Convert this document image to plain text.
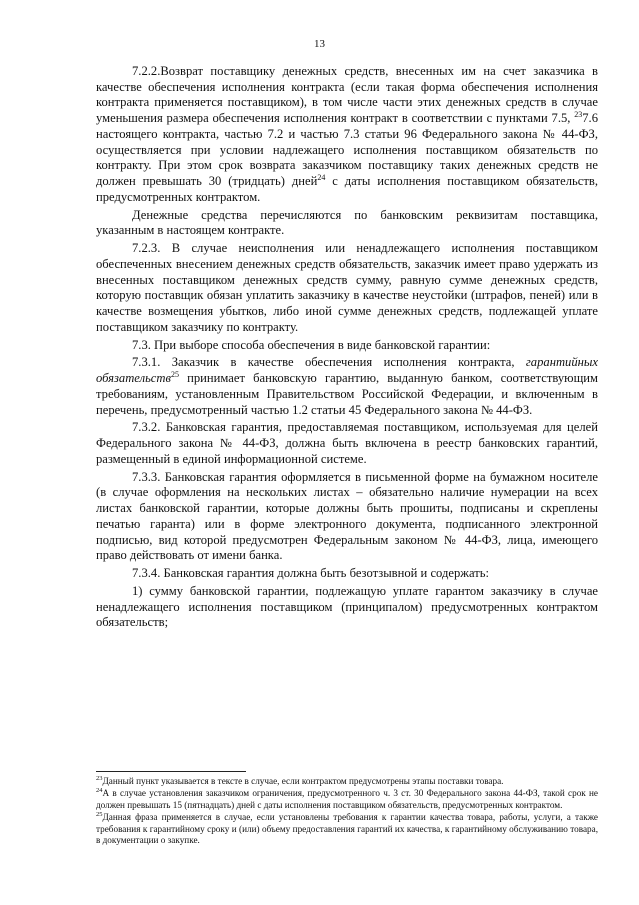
13

7.2.2.Возврат поставщику денежных средств, внесенных им на счет заказчика в качестве обеспечения исполнения контракта (если такая форма обеспечения исполнения контракта применяется поставщиком), в том числе части этих денежных средств в случае уменьшения размера обеспечения исполнения контракт в соответствии с пунктами 7.5, $^{23}$7.6 настоящего контракта, частью 7.2 и частью 7.3 статьи 96 Федерального закона № 44-ФЗ, осуществляется при условии надлежащего исполнения поставщиком обязательств по контракту. При этом срок возврата заказчиком поставщику таких денежных средств не должен превышать 30 (тридцать) дней$^{24}$ с даты исполнения поставщиком обязательств, предусмотренных контрактом.

Денежные средства перечисляются по банковским реквизитам поставщика, указанным в настоящем контракте.

7.2.3. В случае неисполнения или ненадлежащего исполнения поставщиком обеспеченных внесением денежных средств обязательств, заказчик имеет право удержать из внесенных поставщиком денежных средств сумму, равную сумме денежных средств, которую поставщик обязан уплатить заказчику в качестве неустойки (штрафов, пеней) или в качестве возмещения убытков, либо иной сумме денежных средств, подлежащей уплате поставщиком заказчику по контракту.

7.3. При выборе способа обеспечения в виде банковской гарантии:

7.3.1. Заказчик в качестве обеспечения исполнения контракта, гарантийных обязательств$^{25}$ принимает банковскую гарантию, выданную банком, соответствующим требованиям, установленным Правительством Российской Федерации, и включенным в перечень, предусмотренный частью 1.2 статьи 45 Федерального закона № 44-ФЗ.

7.3.2. Банковская гарантия, предоставляемая поставщиком, используемая для целей Федерального закона № 44-ФЗ, должна быть включена в реестр банковских гарантий, размещенный в единой информационной системе.

7.3.3. Банковская гарантия оформляется в письменной форме на бумажном носителе (в случае оформления на нескольких листах – обязательно наличие нумерации на всех листах банковской гарантии, которые должны быть прошиты, подписаны и скреплены печатью гаранта) или в форме электронного документа, подписанного электронной подписью, вид которой предусмотрен Федеральным законом № 44-ФЗ, лица, имеющего право действовать от имени банка.

7.3.4. Банковская гарантия должна быть безотзывной и содержать:

1) сумму банковской гарантии, подлежащую уплате гарантом заказчику в случае ненадлежащего исполнения поставщиком (принципалом) предусмотренных контрактом обязательств;

$^{23}$Данный пункт указывается в тексте в случае, если контрактом предусмотрены этапы поставки товара.

$^{24}$А в случае установления заказчиком ограничения, предусмотренного ч. 3 ст. 30 Федерального закона 44-ФЗ, такой срок не должен превышать 15 (пятнадцать) дней с даты исполнения поставщиком обязательств, предусмотренных контрактом.

$^{25}$Данная фраза применяется в случае, если установлены требования к гарантии качества товара, работы, услуги, а также требования к гарантийному сроку и (или) объему предоставления гарантий их качества, к гарантийному обслуживанию товара, в документации о закупке.
